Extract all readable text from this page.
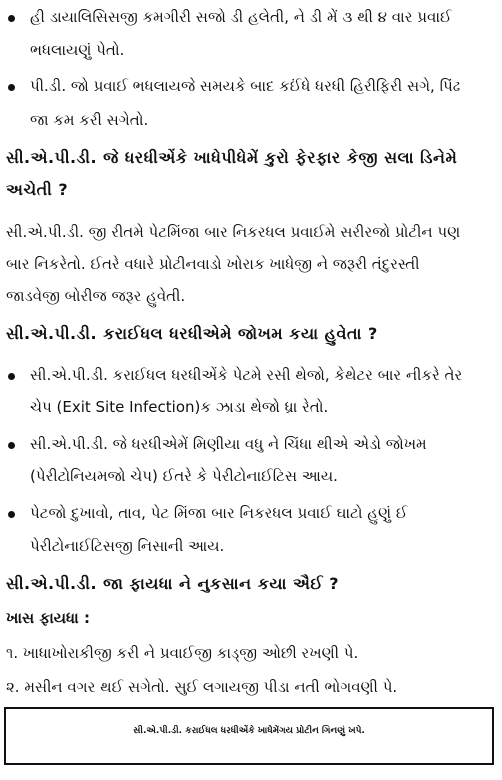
હી ડાયાલિસિસજી કમગીરી સજો ડી હલેતી, ને ડી મેં ૩ થી ૪ વાર પ્રવાઈ
ભધલાયણું પેતો.
પી.ડી. જો પ્રવાઈ ભધલાયજે સમયકે બાદ કઈંધે ધરધી હિરીફિરી સગે, પિંઢ
જા કમ કરી સગેતો.
સી.એ.પી.ડી. જે ધરધીએંકે ખાધેપીધેમેં કુરો ફેરફાર કેજી સલા ડિનેમે
અચેતી ?
સી.એ.પી.ડી. જી રીતમે પેટમિંજા બાર નિકરધલ પ્રવાઈમે સરીરજો પ્રોટીન પણ
બાર નિકરેતો. ઈતરે વધારે પ્રોટીનવાડો ખોરાક ખાધેજી ને જરૂરી તંદુરસ્તી
જાડવેજી બોરીજ જરૂર હુવેતી.
સી.એ.પી.ડી. કરાઈધલ ધરધીએમે જોખમ કયા હુવેતા ?
સી.એ.પી.ડી. કરાઈધલ ધરધીએંકે પેટમે રસી થેજો, કેથેટર બાર નીકરે તેર
ચેપ (Exit Site Infection)ક ઝાડા થેજો ધ્રા રેતો.
સી.એ.પી.ડી. જે ધરધીએમેં મિણીયા વધુ ને ચિંધા થીએ એડો જોખમ
(પેરીટોનિયમજો ચેપ) ઈતરે કે પેરીટોનાઈટિસ આય.
પેટજો દુખાવો, તાવ, પેટ મિંજા બાર નિકરધલ પ્રવાઈ ઘાટો હુણું ઈ
પેરીટોનાઈટિસજી નિસાની આય.
સી.એ.પી.ડી. જા ફાયધા ને નુકસાન કયા ઐઈ ?
ખાસ ફાયધા :
૧. ખાધાખોરાકીજી કરી ને પ્રવાઈજી કાડ્જી ઓછી રખણી પે.
૨. મસીન વગર થઈ સગેતો. સુઈ લગાયજી પીડા નતી ભોગવણી પે.
સી.એ.પી.ડી. કરાઈધલ ધરધીએંકે ખાધેમેંગય પ્રોટીન ગિનણું ખપે.
